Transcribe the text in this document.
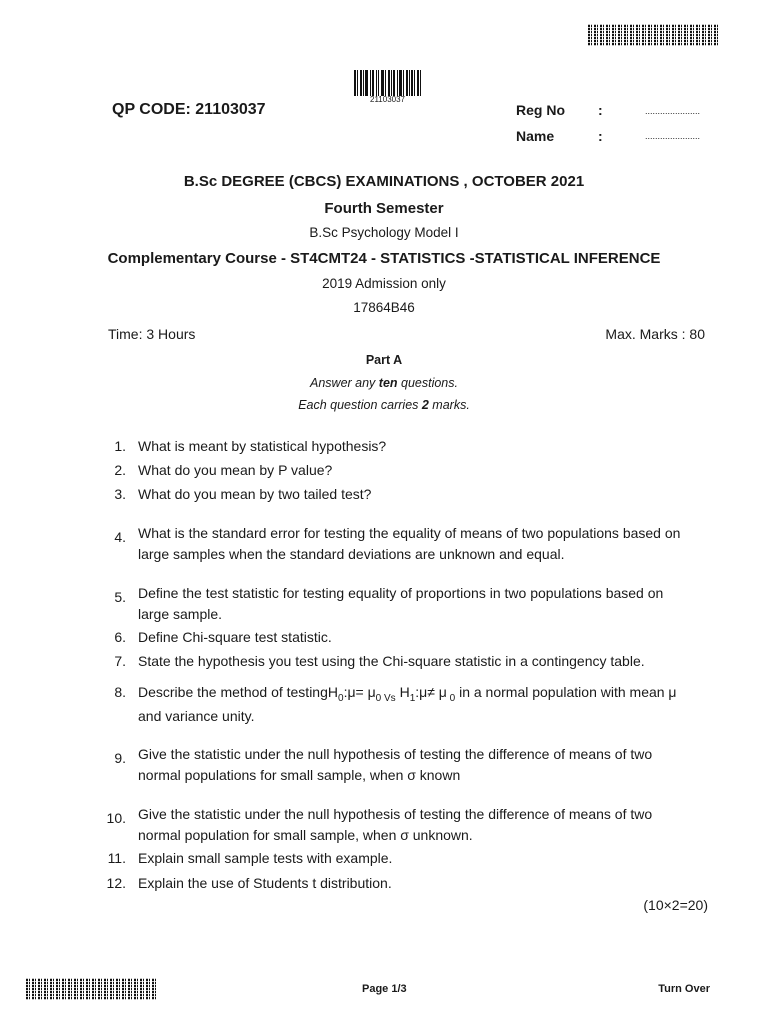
21103037
QP CODE: 21103037	Reg No :	......................
Name	:	......................
B.Sc DEGREE (CBCS) EXAMINATIONS , OCTOBER 2021
Fourth Semester
B.Sc Psychology Model I
Complementary Course - ST4CMT24 - STATISTICS -STATISTICAL INFERENCE
2019 Admission only
17864B46
Time: 3 Hours	Max. Marks : 80
Part A
Answer any ten questions.
Each question carries 2 marks.
1. What is meant by statistical hypothesis?
2. What do you mean by P value?
3. What do you mean by two tailed test?
4. What is the standard error for testing the equality of means of two populations based on
large samples when the standard deviations are unknown and equal.
5. Define the test statistic for testing equality of proportions in two populations based on
large sample.
6. Define Chi-square test statistic.
7. State the hypothesis you test using the Chi-square statistic in a contingency table.
8. Describe the method of testingH$_0$:μ= $\mu_{0 Vs}$ $H_1:\mu\ne \mu$ $_0$ in a normal population with mean μ
and variance unity.
9. Give the statistic under the null hypothesis of testing the difference of means of two
normal populations for small sample, when σ known
10. Give the statistic under the null hypothesis of testing the difference of means of two
normal population for small sample, when σ unknown.
11. Explain small sample tests with example.
12. Explain the use of Students t distribution.
(10×2=20)
Page 1/3	Turn Over
